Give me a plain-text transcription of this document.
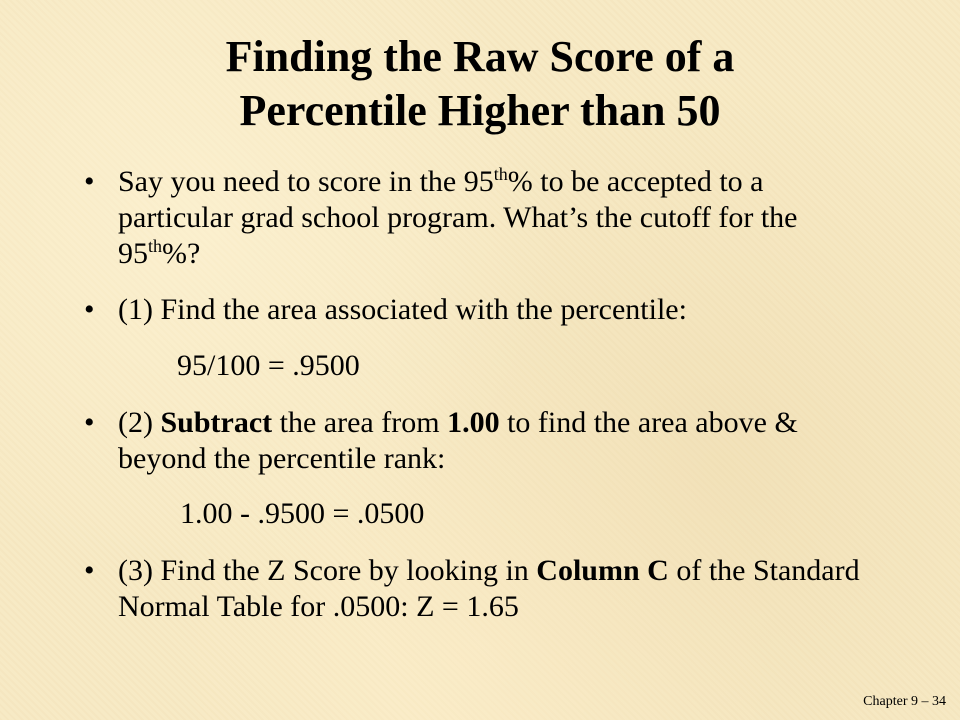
Finding the Raw Score of a
Percentile Higher than 50
• Say you need to score in the 95th% to be accepted to a particular grad school program. What’s the cutoff for the 95th%?
• (1) Find the area associated with the percentile:
95/100 = .9500
• (2) Subtract the area from 1.00 to find the area above & beyond the percentile rank:
1.00 - .9500 = .0500
• (3) Find the Z Score by looking in Column C of the Standard Normal Table for .0500: Z = 1.65
Chapter 9 – 34
